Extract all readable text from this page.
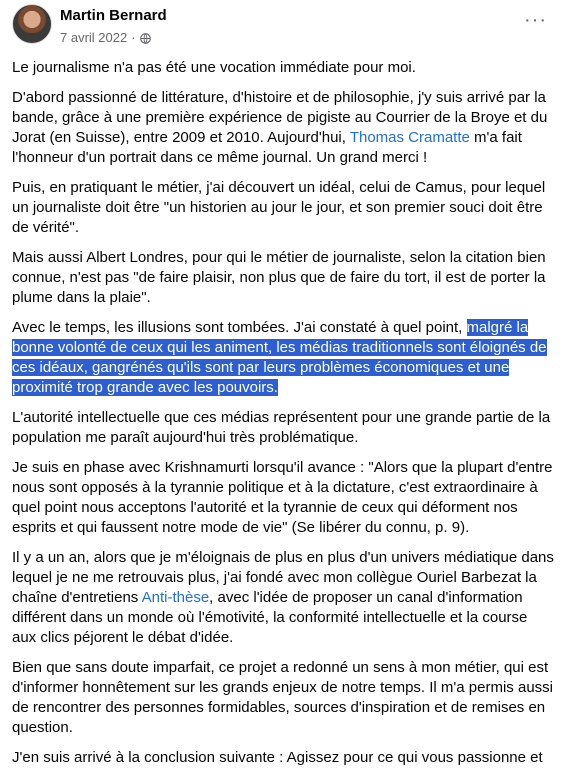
Martin Bernard
7 avril 2022 ·
···

Le journalisme n'a pas été une vocation immédiate pour moi.

D'abord passionné de littérature, d'histoire et de philosophie, j'y suis arrivé par la bande, grâce à une première expérience de pigiste au Courrier de la Broye et du Jorat (en Suisse), entre 2009 et 2010. Aujourd'hui, Thomas Cramatte m'a fait l'honneur d'un portrait dans ce même journal. Un grand merci !

Puis, en pratiquant le métier, j'ai découvert un idéal, celui de Camus, pour lequel un journaliste doit être "un historien au jour le jour, et son premier souci doit être de vérité".

Mais aussi Albert Londres, pour qui le métier de journaliste, selon la citation bien connue, n'est pas "de faire plaisir, non plus que de faire du tort, il est de porter la plume dans la plaie".

Avec le temps, les illusions sont tombées. J'ai constaté à quel point, malgré la bonne volonté de ceux qui les animent, les médias traditionnels sont éloignés de ces idéaux, gangrénés qu'ils sont par leurs problèmes économiques et une proximité trop grande avec les pouvoirs.

L'autorité intellectuelle que ces médias représentent pour une grande partie de la population me paraît aujourd'hui très problématique.

Je suis en phase avec Krishnamurti lorsqu'il avance : "Alors que la plupart d'entre nous sont opposés à la tyrannie politique et à la dictature, c'est extraordinaire à quel point nous acceptons l'autorité et la tyrannie de ceux qui déforment nos esprits et qui faussent notre mode de vie" (Se libérer du connu, p. 9).

Il y a un an, alors que je m'éloignais de plus en plus d'un univers médiatique dans lequel je ne me retrouvais plus, j'ai fondé avec mon collègue Ouriel Barbezat la chaîne d'entretiens Anti-thèse, avec l'idée de proposer un canal d'information différent dans un monde où l'émotivité, la conformité intellectuelle et la course aux clics péjorent le débat d'idée.

Bien que sans doute imparfait, ce projet a redonné un sens à mon métier, qui est d'informer honnêtement sur les grands enjeux de notre temps. Il m'a permis aussi de rencontrer des personnes formidables, sources d'inspiration et de remises en question.

J'en suis arrivé à la conclusion suivante : Agissez pour ce qui vous passionne et
